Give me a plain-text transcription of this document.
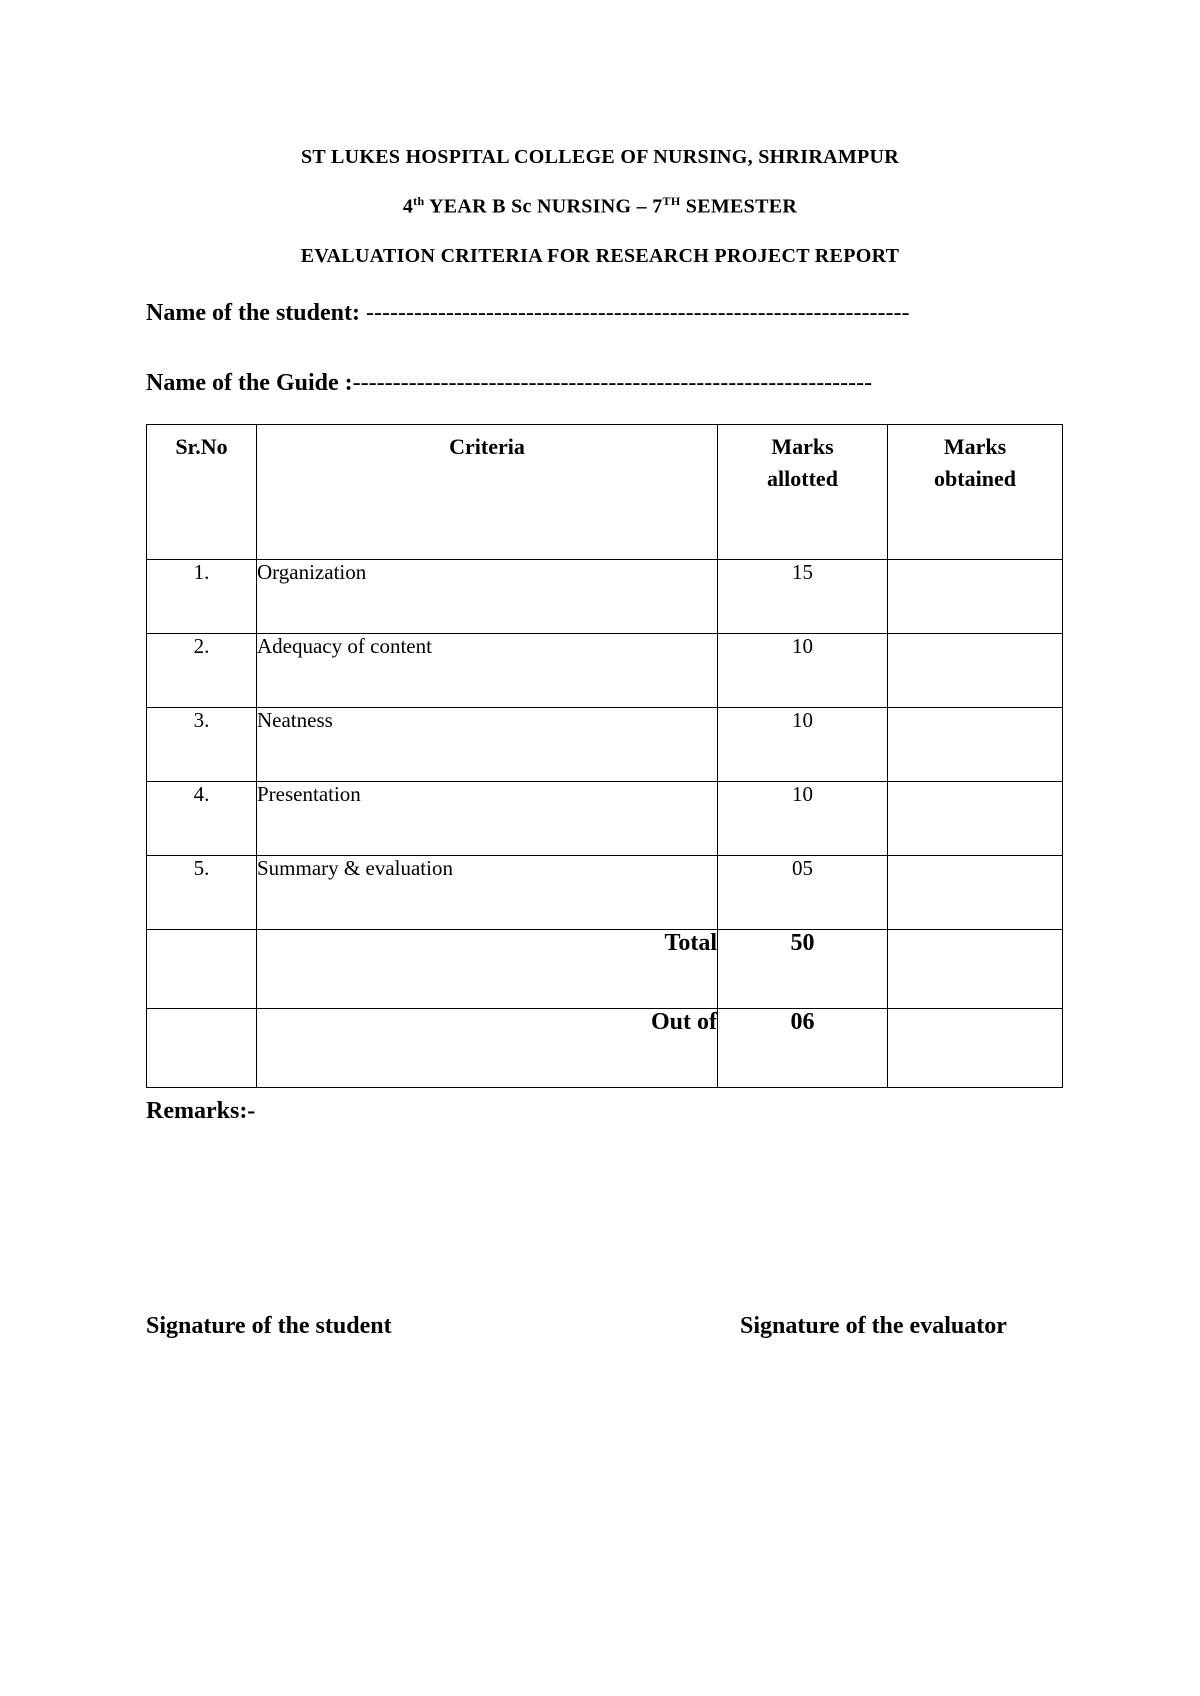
ST LUKES HOSPITAL COLLEGE OF NURSING, SHRIRAMPUR
4th YEAR B Sc NURSING – 7TH SEMESTER
EVALUATION CRITERIA FOR RESEARCH PROJECT REPORT
Name of the student: --------------------------------------------------------------------
Name of the Guide :-----------------------------------------------------------------
Sr.No	Criteria	Marks allotted	Marks obtained
1.	Organization	15	
2.	Adequacy of content	10	
3.	Neatness	10	
4.	Presentation	10	
5.	Summary & evaluation	05	
	Total	50	
	Out of	06	
Remarks:-
Signature of the student	Signature of the evaluator
